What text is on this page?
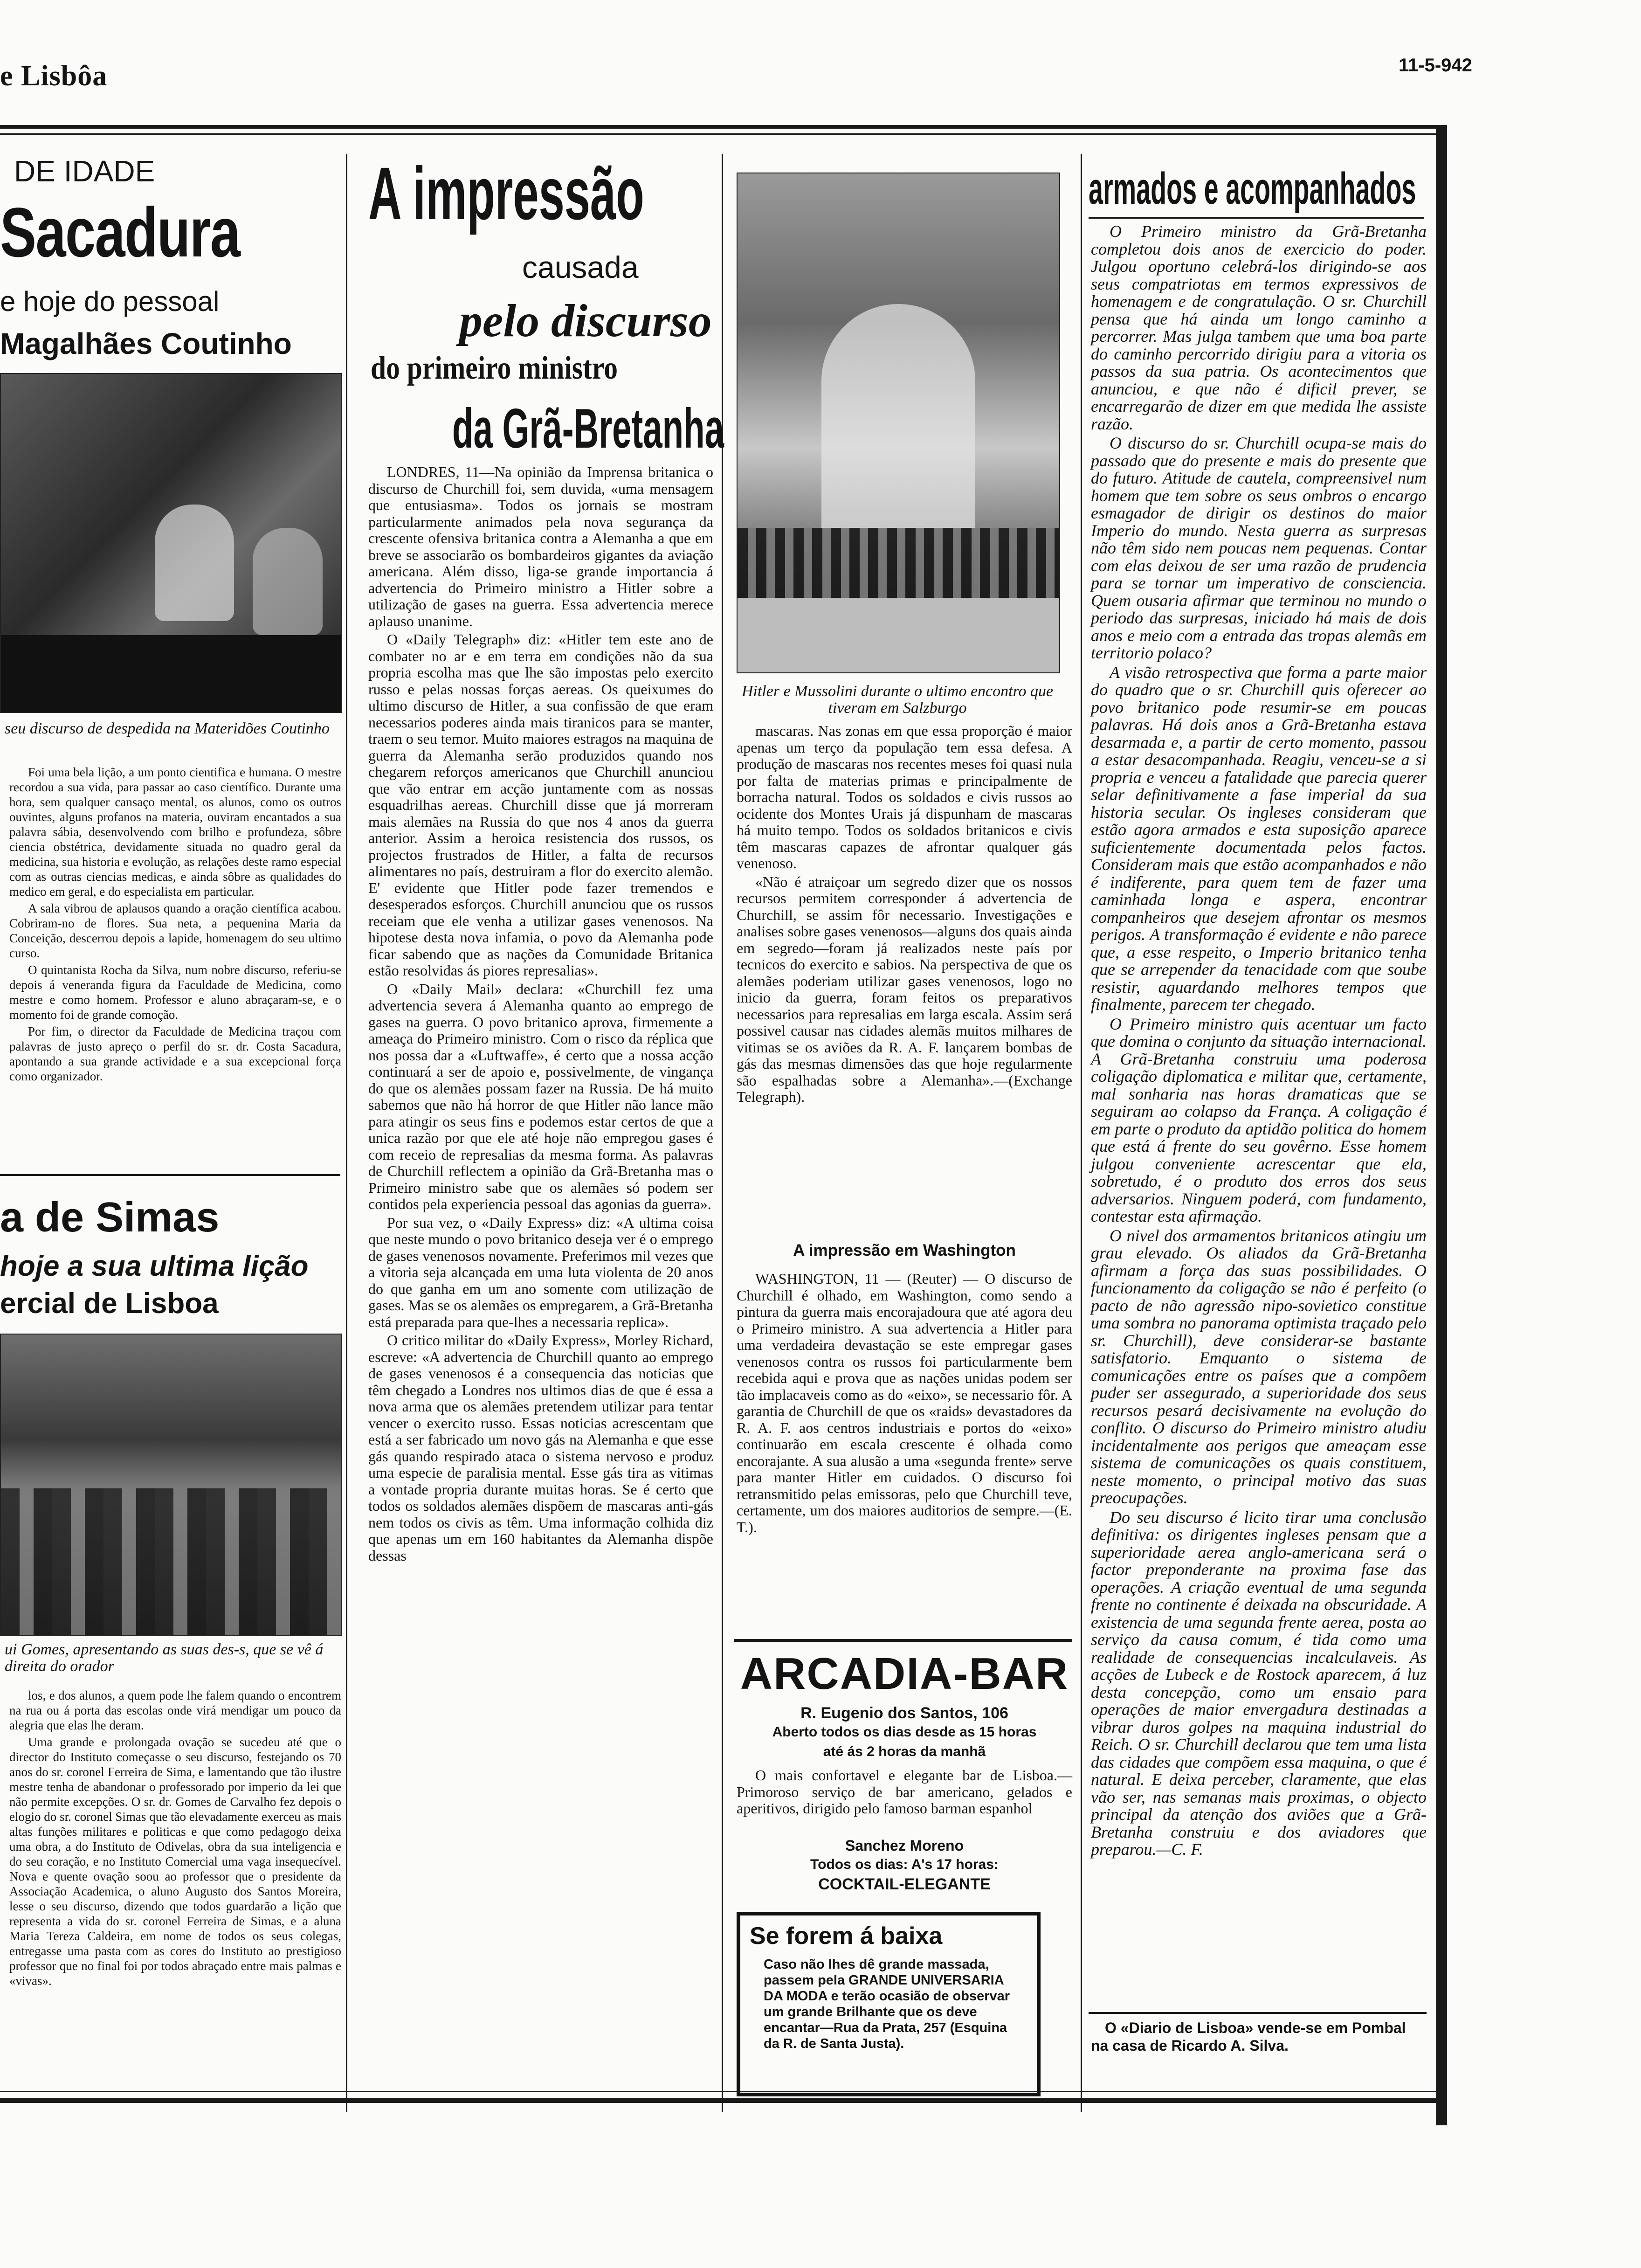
e Lisbôa	11-5-942
DE IDADE
Sacadura
e hoje do pessoal
Magalhães Coutinho
seu discurso de despedida na Materidões Coutinho

Foi uma bela lição, a um ponto cientifica e humana. O mestre recordou a sua vida, para passar ao caso científico. Durante uma hora, sem qualquer cansaço mental, os alunos, como os outros ouvintes, alguns profanos na materia, ouviram encantados a sua palavra sábia, desenvolvendo com brilho e profundeza, sôbre ciencia obstétrica, devidamente situada no quadro geral da medicina, sua historia e evolução, as relações deste ramo especial com as outras ciencias medicas, e ainda sôbre as qualidades do medico em geral, e do especialista em particular.

A sala vibrou de aplausos quando a oração científica acabou. Cobriram-no de flores. Sua neta, a pequenina Maria da Conceição, descerrou depois a lapide, homenagem do seu ultimo curso.

O quintanista Rocha da Silva, num nobre discurso, referiu-se depois á veneranda figura da Faculdade de Medicina, como mestre e como homem. Professor e aluno abraçaram-se, e o momento foi de grande comoção.

Por fim, o director da Faculdade de Medicina traçou com palavras de justo apreço o perfil do sr. dr. Costa Sacadura, apontando a sua grande actividade e a sua excepcional força como organizador.

a de Simas
hoje a sua ultima lição
ercial de Lisboa
ui Gomes, apresentando as suas des-s, que se vê á direita do orador

los, e dos alunos, a quem pode lhe falem quando o encontrem na rua ou á porta das escolas onde virá mendigar um pouco da alegria que elas lhe deram.

Uma grande e prolongada ovação se sucedeu até que o director do Instituto começasse o seu discurso, festejando os 70 anos do sr. coronel Ferreira de Sima, e lamentando que tão ilustre mestre tenha de abandonar o professorado por imperio da lei que não permite excepções. O sr. dr. Gomes de Carvalho fez depois o elogio do sr. coronel Simas que tão elevadamente exerceu as mais altas funções militares e politicas e que como pedagogo deixa uma obra, a do Instituto de Odivelas, obra da sua inteligencia e do seu coração, e no Instituto Comercial uma vaga insequecível. Nova e quente ovação soou ao professor que o presidente da Associação Academica, o aluno Augusto dos Santos Moreira, lesse o seu discurso, dizendo que todos guardarão a lição que representa a vida do sr. coronel Ferreira de Simas, e a aluna Maria Tereza Caldeira, em nome de todos os seus colegas, entregasse uma pasta com as cores do Instituto ao prestigioso professor que no final foi por todos abraçado entre mais palmas e «vivas».

A impressão
causada
pelo discurso
do primeiro ministro
da Grã-Bretanha

LONDRES, 11—Na opinião da Imprensa britanica o discurso de Churchill foi, sem duvida, «uma mensagem que entusiasma». Todos os jornais se mostram particularmente animados pela nova segurança da crescente ofensiva britanica contra a Alemanha a que em breve se associarão os bombardeiros gigantes da aviação americana. Além disso, liga-se grande importancia á advertencia do Primeiro ministro a Hitler sobre a utilização de gases na guerra. Essa advertencia merece aplauso unanime.

O «Daily Telegraph» diz: «Hitler tem este ano de combater no ar e em terra em condições não da sua propria escolha mas que lhe são impostas pelo exercito russo e pelas nossas forças aereas. Os queixumes do ultimo discurso de Hitler, a sua confissão de que eram necessarios poderes ainda mais tiranicos para se manter, traem o seu temor. Muito maiores estragos na maquina de guerra da Alemanha serão produzidos quando nos chegarem reforços americanos que Churchill anunciou que vão entrar em acção juntamente com as nossas esquadrilhas aereas. Churchill disse que já morreram mais alemães na Russia do que nos 4 anos da guerra anterior. Assim a heroica resistencia dos russos, os projectos frustrados de Hitler, a falta de recursos alimentares no país, destruiram a flor do exercito alemão. E' evidente que Hitler pode fazer tremendos e desesperados esforços. Churchill anunciou que os russos receiam que ele venha a utilizar gases venenosos. Na hipotese desta nova infamia, o povo da Alemanha pode ficar sabendo que as nações da Comunidade Britanica estão resolvidas ás piores represalias».

O «Daily Mail» declara: «Churchill fez uma advertencia severa á Alemanha quanto ao emprego de gases na guerra. O povo britanico aprova, firmemente a ameaça do Primeiro ministro. Com o risco da réplica que nos possa dar a «Luftwaffe», é certo que a nossa acção continuará a ser de apoio e, possivelmente, de vingança do que os alemães possam fazer na Russia. De há muito sabemos que não há horror de que Hitler não lance mão para atingir os seus fins e podemos estar certos de que a unica razão por que ele até hoje não empregou gases é com receio de represalias da mesma forma. As palavras de Churchill reflectem a opinião da Grã-Bretanha mas o Primeiro ministro sabe que os alemães só podem ser contidos pela experiencia pessoal das agonias da guerra».

Por sua vez, o «Daily Express» diz: «A ultima coisa que neste mundo o povo britanico deseja ver é o emprego de gases venenosos novamente. Preferimos mil vezes que a vitoria seja alcançada em uma luta violenta de 20 anos do que ganha em um ano somente com utilização de gases. Mas se os alemães os empregarem, a Grã-Bretanha está preparada para que-lhes a necessaria replica».

O critico militar do «Daily Express», Morley Richard, escreve: «A advertencia de Churchill quanto ao emprego de gases venenosos é a consequencia das noticias que têm chegado a Londres nos ultimos dias de que é essa a nova arma que os alemães pretendem utilizar para tentar vencer o exercito russo. Essas noticias acrescentam que está a ser fabricado um novo gás na Alemanha e que esse gás quando respirado ataca o sistema nervoso e produz uma especie de paralisia mental. Esse gás tira as vitimas a vontade propria durante muitas horas. Se é certo que todos os soldados alemães dispõem de mascaras anti-gás nem todos os civis as têm. Uma informação colhida diz que apenas um em 160 habitantes da Alemanha dispõe dessas

Hitler e Mussolini durante o ultimo encontro que tiveram em Salzburgo

mascaras. Nas zonas em que essa proporção é maior apenas um terço da população tem essa defesa. A produção de mascaras nos recentes meses foi quasi nula por falta de materias primas e principalmente de borracha natural. Todos os soldados e civis russos ao ocidente dos Montes Urais já dispunham de mascaras há muito tempo. Todos os soldados britanicos e civis têm mascaras capazes de afrontar qualquer gás venenoso.

«Não é atraiçoar um segredo dizer que os nossos recursos permitem corresponder á advertencia de Churchill, se assim fôr necessario. Investigações e analises sobre gases venenosos—alguns dos quais ainda em segredo—foram já realizados neste país por tecnicos do exercito e sabios. Na perspectiva de que os alemães poderiam utilizar gases venenosos, logo no inicio da guerra, foram feitos os preparativos necessarios para represalias em larga escala. Assim será possivel causar nas cidades alemãs muitos milhares de vitimas se os aviões da R. A. F. lançarem bombas de gás das mesmas dimensões das que hoje regularmente são espalhadas sobre a Alemanha».—(Exchange Telegraph).

A impressão em Washington

WASHINGTON, 11 — (Reuter) — O discurso de Churchill é olhado, em Washington, como sendo a pintura da guerra mais encorajadoura que até agora deu o Primeiro ministro. A sua advertencia a Hitler para uma verdadeira devastação se este empregar gases venenosos contra os russos foi particularmente bem recebida aqui e prova que as nações unidas podem ser tão implacaveis como as do «eixo», se necessario fôr. A garantia de Churchill de que os «raids» devastadores da R. A. F. aos centros industriais e portos do «eixo» continuarão em escala crescente é olhada como encorajante. A sua alusão a uma «segunda frente» serve para manter Hitler em cuidados. O discurso foi retransmitido pelas emissoras, pelo que Churchill teve, certamente, um dos maiores auditorios de sempre.—(E. T.).

ARCADIA-BAR
R. Eugenio dos Santos, 106
Aberto todos os dias desde as 15 horas
até ás 2 horas da manhã
O mais confortavel e elegante bar de Lisboa.—Primoroso serviço de bar americano, gelados e aperitivos, dirigido pelo famoso barman espanhol
Sanchez Moreno
Todos os dias: A's 17 horas:
COCKTAIL-ELEGANTE
Se forem á baixa
Caso não lhes dê grande massada, passem pela GRANDE UNIVERSARIA DA MODA e terão ocasião de observar um grande Brilhante que os deve encantar—Rua da Prata, 257 (Esquina da R. de Santa Justa).
armados e acompanhados

O Primeiro ministro da Grã-Bretanha completou dois anos de exercicio do poder. Julgou oportuno celebrá-los dirigindo-se aos seus compatriotas em termos expressivos de homenagem e de congratulação. O sr. Churchill pensa que há ainda um longo caminho a percorrer. Mas julga tambem que uma boa parte do caminho percorrido dirigiu para a vitoria os passos da sua patria. Os acontecimentos que anunciou, e que não é dificil prever, se encarregarão de dizer em que medida lhe assiste razão.

O discurso do sr. Churchill ocupa-se mais do passado que do presente e mais do presente que do futuro. Atitude de cautela, compreensivel num homem que tem sobre os seus ombros o encargo esmagador de dirigir os destinos do maior Imperio do mundo. Nesta guerra as surpresas não têm sido nem poucas nem pequenas. Contar com elas deixou de ser uma razão de prudencia para se tornar um imperativo de consciencia. Quem ousaria afirmar que terminou no mundo o periodo das surpresas, iniciado há mais de dois anos e meio com a entrada das tropas alemãs em territorio polaco?

A visão retrospectiva que forma a parte maior do quadro que o sr. Churchill quis oferecer ao povo britanico pode resumir-se em poucas palavras. Há dois anos a Grã-Bretanha estava desarmada e, a partir de certo momento, passou a estar desacompanhada. Reagiu, venceu-se a si propria e venceu a fatalidade que parecia querer selar definitivamente a fase imperial da sua historia secular. Os ingleses consideram que estão agora armados e esta suposição aparece suficientemente documentada pelos factos. Consideram mais que estão acompanhados e não é indiferente, para quem tem de fazer uma caminhada longa e aspera, encontrar companheiros que desejem afrontar os mesmos perigos. A transformação é evidente e não parece que, a esse respeito, o Imperio britanico tenha que se arrepender da tenacidade com que soube resistir, aguardando melhores tempos que finalmente, parecem ter chegado.

O Primeiro ministro quis acentuar um facto que domina o conjunto da situação internacional. A Grã-Bretanha construiu uma poderosa coligação diplomatica e militar que, certamente, mal sonharia nas horas dramaticas que se seguiram ao colapso da França. A coligação é em parte o produto da aptidão politica do homem que está á frente do seu govêrno. Esse homem julgou conveniente acrescentar que ela, sobretudo, é o produto dos erros dos seus adversarios. Ninguem poderá, com fundamento, contestar esta afirmação.

O nivel dos armamentos britanicos atingiu um grau elevado. Os aliados da Grã-Bretanha afirmam a força das suas possibilidades. O funcionamento da coligação se não é perfeito (o pacto de não agressão nipo-sovietico constitue uma sombra no panorama optimista traçado pelo sr. Churchill), deve considerar-se bastante satisfatorio. Emquanto o sistema de comunicações entre os países que a compõem puder ser assegurado, a superioridade dos seus recursos pesará decisivamente na evolução do conflito. O discurso do Primeiro ministro aludiu incidentalmente aos perigos que ameaçam esse sistema de comunicações os quais constituem, neste momento, o principal motivo das suas preocupações.

Do seu discurso é licito tirar uma conclusão definitiva: os dirigentes ingleses pensam que a superioridade aerea anglo-americana será o factor preponderante na proxima fase das operações. A criação eventual de uma segunda frente no continente é deixada na obscuridade. A existencia de uma segunda frente aerea, posta ao serviço da causa comum, é tida como uma realidade de consequencias incalculaveis. As acções de Lubeck e de Rostock aparecem, á luz desta concepção, como um ensaio para operações de maior envergadura destinadas a vibrar duros golpes na maquina industrial do Reich. O sr. Churchill declarou que tem uma lista das cidades que compõem essa maquina, o que é natural. E deixa perceber, claramente, que elas vão ser, nas semanas mais proximas, o objecto principal da atenção dos aviões que a Grã-Bretanha construiu e dos aviadores que preparou.—C. F.

O «Diario de Lisboa» vende-se em Pombal na casa de Ricardo A. Silva.
